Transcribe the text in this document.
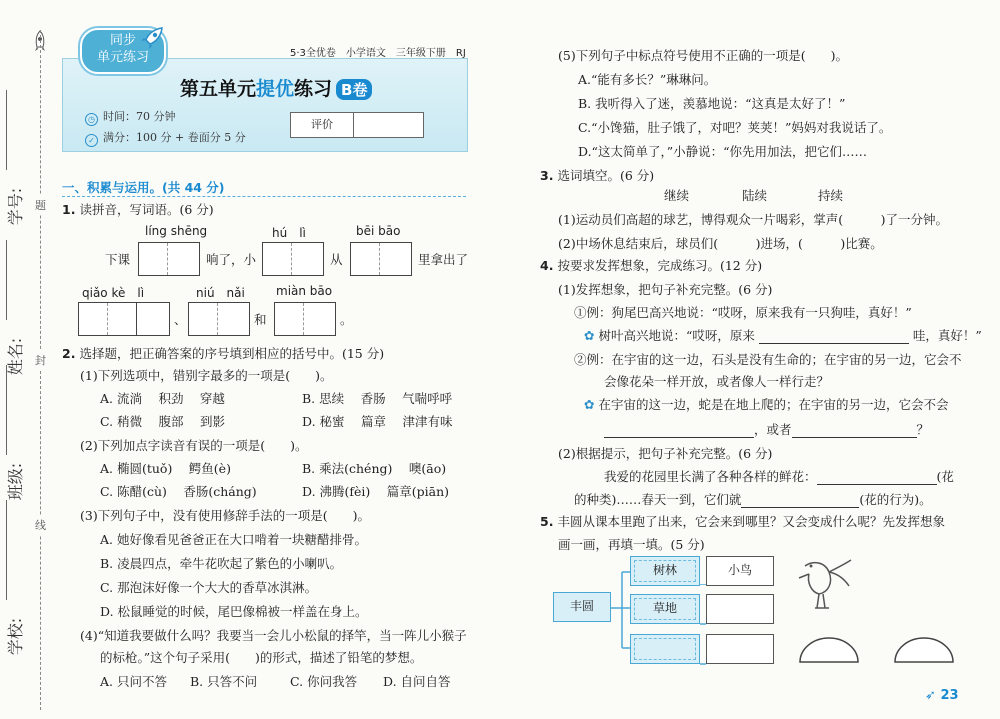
题
封
线
学号:
姓名:
班级:
学校:
同步
单元练习	5·3全优卷　小学语文　三年级下册　RJ
第五单元提优练习 B卷
◷ 时间：70 分钟
✓ 满分：100 分 + 卷面分 5 分
评价
一、积累与运用。(共 44 分)
1. 读拼音，写词语。(6 分)
líng shēng	hú　lì	bēi bāo
下课	响了，小	从	里拿出了
qiǎo kè　lì	niú　nǎi	miàn bāo
、	和	。
2. 选择题，把正确答案的序号填到相应的括号中。(15 分)
(1)下列选项中，错别字最多的一项是(　　)。
A. 流淌　 积劲　 穿越	B. 思续　 香肠　 气喘呼呼
C. 稍微　 腹部　 到影	D. 秘蜜　 篇章　 津津有味
(2)下列加点字读音有误的一项是(　　)。
A. 椭圆(tuǒ)　 鳄鱼(è)	B. 乘法(chéng)　 噢(āo)
C. 陈醋(cù)　 香肠(cháng)	D. 沸腾(fèi)　 篇章(piān)
(3)下列句子中，没有使用修辞手法的一项是(　　)。
A. 她好像看见爸爸正在大口啃着一块糖醋排骨。
B. 凌晨四点，牵牛花吹起了紫色的小喇叭。
C. 那泡沫好像一个大大的香草冰淇淋。
D. 松鼠睡觉的时候，尾巴像棉被一样盖在身上。
(4)“知道我要做什么吗？我要当一会儿小松鼠的择竿，当一阵儿小猴子
的标枪。”这个句子采用(　　)的形式，描述了铅笔的梦想。
A. 只问不答 B. 只答不问	C. 你问我答 D. 自问自答
(5)下列句子中标点符号使用不正确的一项是(　　)。
A.“能有多长？”琳琳问。
B. 我听得入了迷，羡慕地说：“这真是太好了！”
C.“小馋猫，肚子饿了，对吧？荚荚！”妈妈对我说话了。
D.“这太简单了，”小静说：“你先用加法，把它们……
3. 选词填空。(6 分)
继续	陆续	持续
(1)运动员们高超的球艺，博得观众一片喝彩，掌声(　　　)了一分钟。
(2)中场休息结束后，球员们(　　　)进场，(　　　)比赛。
4. 按要求发挥想象，完成练习。(12 分)
(1)发挥想象，把句子补充完整。(6 分)
①例：狗尾巴高兴地说：“哎呀，原来我有一只狗哇，真好！”
✿ 树叶高兴地说：“哎呀，原来	哇，真好！”
②例：在宇宙的这一边，石头是没有生命的；在宇宙的另一边，它会不
会像花朵一样开放，或者像人一样行走？
✿ 在宇宙的这一边，蛇是在地上爬的；在宇宙的另一边，它会不会
，或者	？
(2)根据提示，把句子补充完整。(6 分)
我爱的花园里长满了各种各样的鲜花：	(花
的种类)……春天一到，它们就	(花的行为)。
5. 丰圆从课本里跑了出来，它会来到哪里？又会变成什么呢？先发挥想象
画一画，再填一填。(5 分)
丰圆
树林
草地
小鸟
➶ 23
